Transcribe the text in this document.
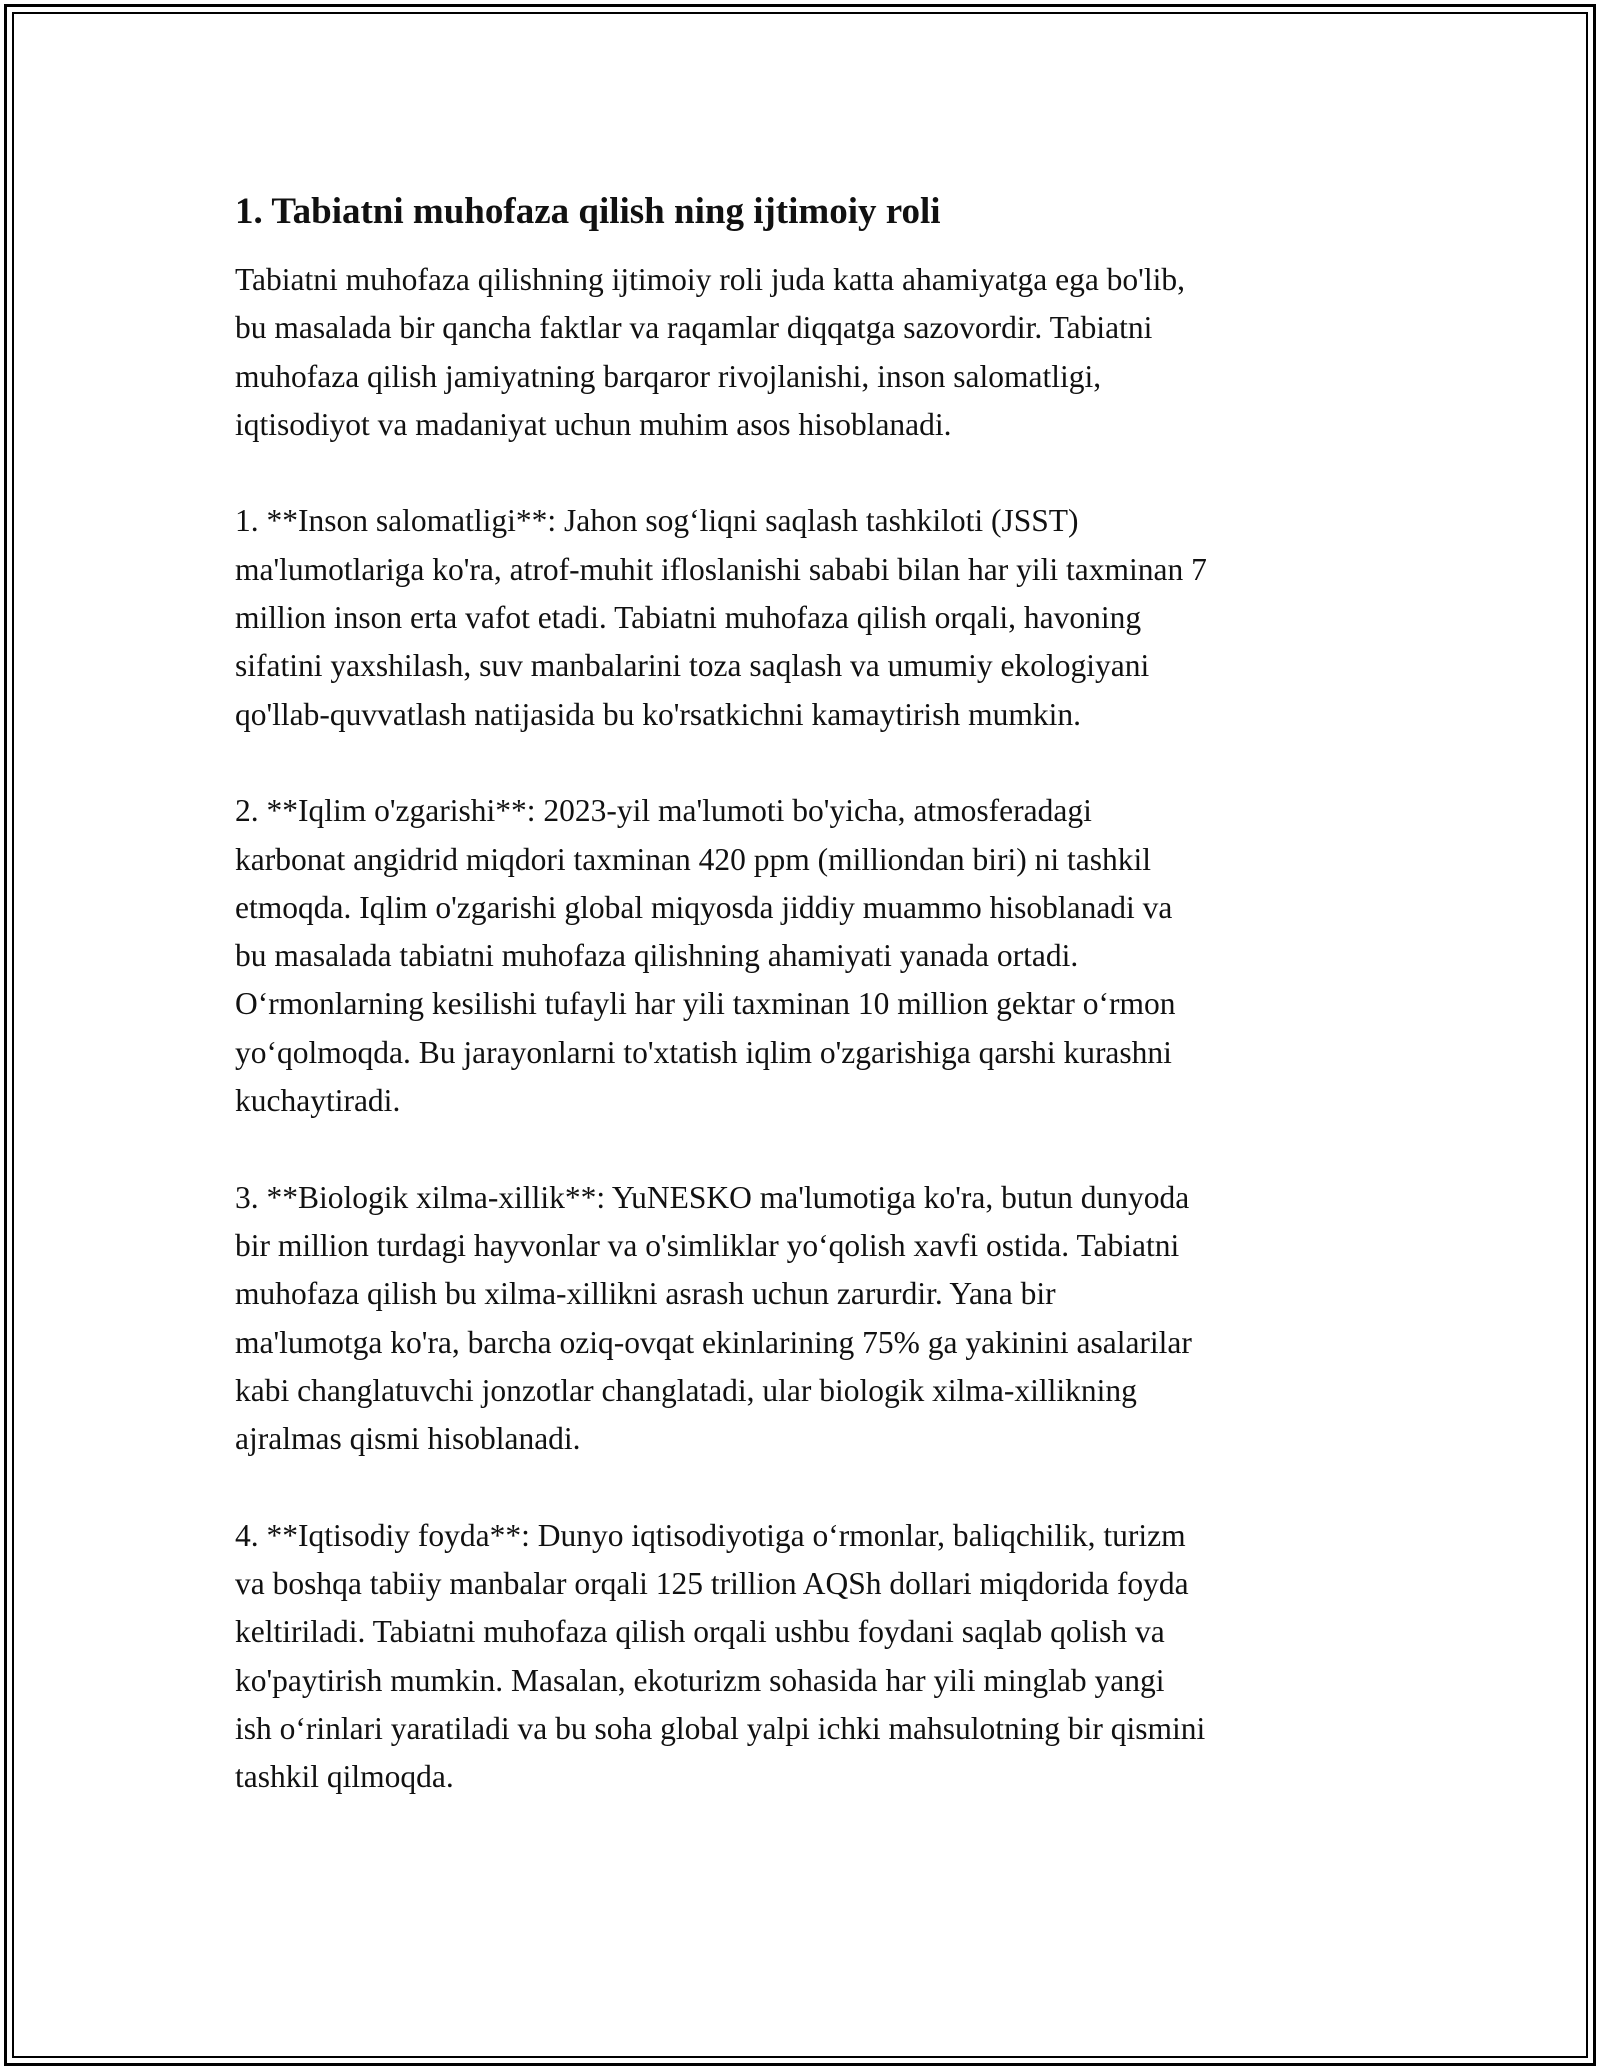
1. Tabiatni muhofaza qilish ning ijtimoiy roli
Tabiatni muhofaza qilishning ijtimoiy roli juda katta ahamiyatga ega bo'lib,
bu masalada bir qancha faktlar va raqamlar diqqatga sazovordir. Tabiatni
muhofaza qilish jamiyatning barqaror rivojlanishi, inson salomatligi,
iqtisodiyot va madaniyat uchun muhim asos hisoblanadi.
1. **Inson salomatligi**: Jahon sog‘liqni saqlash tashkiloti (JSST)
ma'lumotlariga ko'ra, atrof-muhit ifloslanishi sababi bilan har yili taxminan 7
million inson erta vafot etadi. Tabiatni muhofaza qilish orqali, havoning
sifatini yaxshilash, suv manbalarini toza saqlash va umumiy ekologiyani
qo'llab-quvvatlash natijasida bu ko'rsatkichni kamaytirish mumkin.
2. **Iqlim o'zgarishi**: 2023-yil ma'lumoti bo'yicha, atmosferadagi
karbonat angidrid miqdori taxminan 420 ppm (milliondan biri) ni tashkil
etmoqda. Iqlim o'zgarishi global miqyosda jiddiy muammo hisoblanadi va
bu masalada tabiatni muhofaza qilishning ahamiyati yanada ortadi.
O‘rmonlarning kesilishi tufayli har yili taxminan 10 million gektar o‘rmon
yo‘qolmoqda. Bu jarayonlarni to'xtatish iqlim o'zgarishiga qarshi kurashni
kuchaytiradi.
3. **Biologik xilma-xillik**: YuNESKO ma'lumotiga ko'ra, butun dunyoda
bir million turdagi hayvonlar va o'simliklar yo‘qolish xavfi ostida. Tabiatni
muhofaza qilish bu xilma-xillikni asrash uchun zarurdir. Yana bir
ma'lumotga ko'ra, barcha oziq-ovqat ekinlarining 75% ga yakinini asalarilar
kabi changlatuvchi jonzotlar changlatadi, ular biologik xilma-xillikning
ajralmas qismi hisoblanadi.
4. **Iqtisodiy foyda**: Dunyo iqtisodiyotiga o‘rmonlar, baliqchilik, turizm
va boshqa tabiiy manbalar orqali 125 trillion AQSh dollari miqdorida foyda
keltiriladi. Tabiatni muhofaza qilish orqali ushbu foydani saqlab qolish va
ko'paytirish mumkin. Masalan, ekoturizm sohasida har yili minglab yangi
ish o‘rinlari yaratiladi va bu soha global yalpi ichki mahsulotning bir qismini
tashkil qilmoqda.
